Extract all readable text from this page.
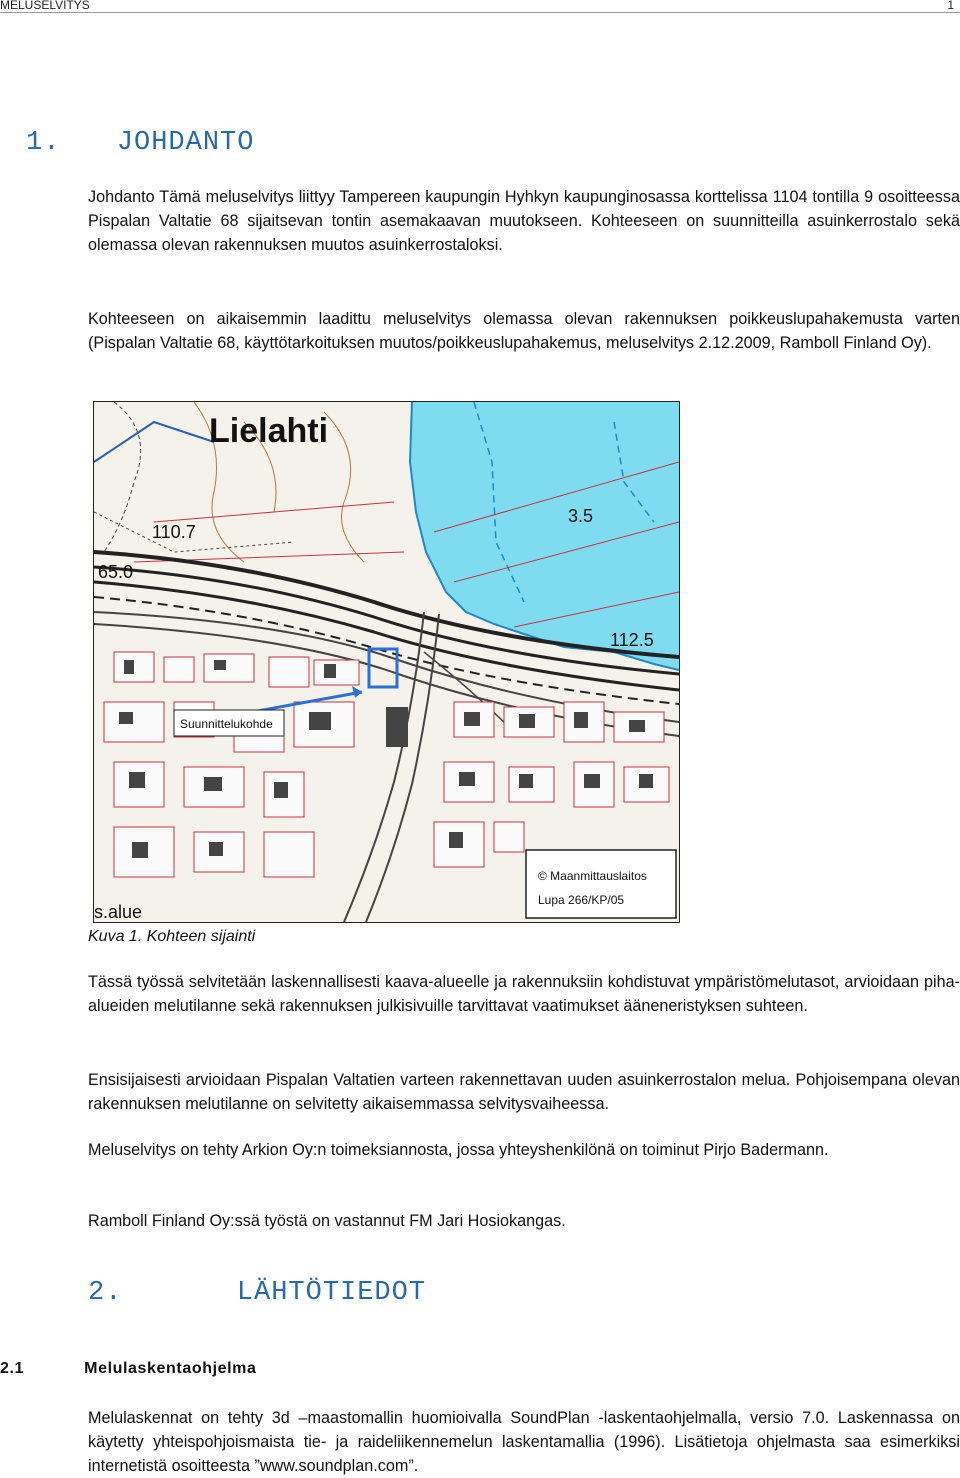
MELUSELVITYS	1
1. JOHDANTO

Johdanto Tämä meluselvitys liittyy Tampereen kaupungin Hyhkyn kaupunginosassa korttelissa 1104 tontilla 9 osoitteessa Pispalan Valtatie 68 sijaitsevan tontin asemakaavan muutokseen. Kohteeseen on suunnitteilla asuinkerrostalo sekä olemassa olevan rakennuksen muutos asuinkerrostaloksi.

Kohteeseen on aikaisemmin laadittu meluselvitys olemassa olevan rakennuksen poikkeuslupahakemusta varten (Pispalan Valtatie 68, käyttötarkoituksen muutos/poikkeuslupahakemus, meluselvitys 2.12.2009, Ramboll Finland Oy).

Lielahti
3.5
112.5
110.7
65.0
s.alue
Suunnittelukohde
© Maanmittauslaitos
Lupa 266/KP/05
Kuva 1. Kohteen sijainti

Tässä työssä selvitetään laskennallisesti kaava-alueelle ja rakennuksiin kohdistuvat ympäristömelutasot, arvioidaan piha-alueiden melutilanne sekä rakennuksen julkisivuille tarvittavat vaatimukset ääneneristyksen suhteen.

Ensisijaisesti arvioidaan Pispalan Valtatien varteen rakennettavan uuden asuinkerrostalon melua. Pohjoisempana olevan rakennuksen melutilanne on selvitetty aikaisemmassa selvitysvaiheessa.

Meluselvitys on tehty Arkion Oy:n toimeksiannosta, jossa yhteyshenkilönä on toiminut Pirjo Badermann.

Ramboll Finland Oy:ssä työstä on vastannut FM Jari Hosiokangas.

2.	LÄHTÖTIEDOT
2.1	Melulaskentaohjelma

Melulaskennat on tehty 3d –maastomallin huomioivalla SoundPlan -laskentaohjelmalla, versio 7.0. Laskennassa on käytetty yhteispohjoismaista tie- ja raideliikennemelun laskentamallia (1996). Lisätietoja ohjelmasta saa esimerkiksi internetistä osoitteesta ”www.soundplan.com”.
